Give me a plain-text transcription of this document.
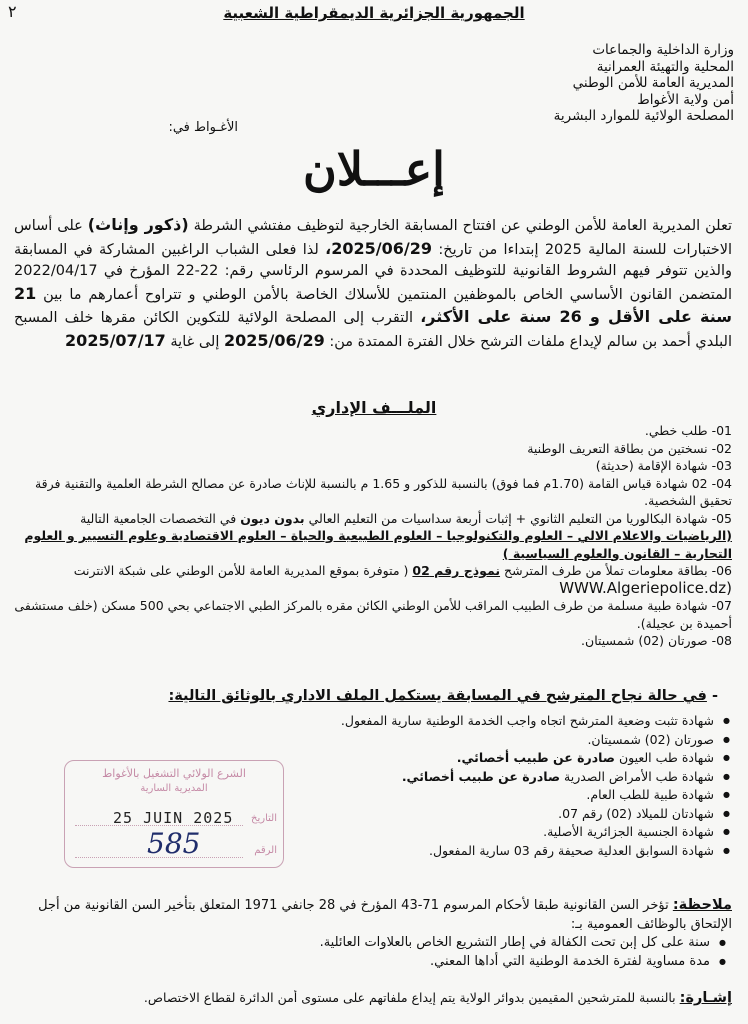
٢	الجمهورية الجزائرية الديمقراطية الشعبية
وزارة الداخلية والجماعات
المحلية والتهيئة العمرانية
المديرية العامة للأمن الوطني
أمن ولاية الأغواط
المصلحة الولائية للموارد البشرية
الأغـواط في:
إعـــلان
تعلن المديرية العامة للأمن الوطني عن افتتاح المسابقة الخارجية لتوظيف مفتشي الشرطة (ذكور وإناث) على أساس الاختبارات للسنة المالية 2025 إبتداءا من تاريخ: 2025/06/29، لذا فعلى الشباب الراغبين المشاركة في المسابقة والذين تتوفر فيهم الشروط القانونية للتوظيف المحددة في المرسوم الرئاسي رقم: 22-22 المؤرخ في 2022/04/17 المتضمن القانون الأساسي الخاص بالموظفين المنتمين للأسلاك الخاصة بالأمن الوطني و تتراوح أعمارهم ما بين 21 سنة على الأقل و 26 سنة على الأكثر، التقرب إلى المصلحة الولائية للتكوين الكائن مقرها خلف المسبح البلدي أحمد بن سالم لإيداع ملفات الترشح خلال الفترة الممتدة من: 2025/06/29 إلى غاية 2025/07/17
الملـــف الإداري
01- طلب خطي.
02- نسختين من بطاقة التعريف الوطنية
03- شهادة الإقامة (حديثة)
04- 02 شهادة قياس القامة (1.70م فما فوق) بالنسبة للذكور و 1.65 م بالنسبة للإناث صادرة عن مصالح الشرطة العلمية والتقنية فرقة تحقيق الشخصية.
05- شهادة البكالوريا من التعليم الثانوي + إثبات أربعة سداسيات من التعليم العالي بدون ديون في التخصصات الجامعية التالية (الرياضيات والاعلام الالي – العلوم والتكنولوجيا – العلوم الطبيعية والحياة – العلوم الاقتصادية وعلوم التسيير و العلوم التجارية – القانون والعلوم السياسية )
06- بطاقة معلومات تملأ من طرف المترشح نموذج رقم 02 ( متوفرة بموقع المديرية العامة للأمن الوطني على شبكة الانترنت WWW.Algeriepolice.dz)
07- شهادة طبية مسلمة من طرف الطبيب المراقب للأمن الوطني الكائن مقره بالمركز الطبي الاجتماعي بحي 500 مسكن (خلف مستشفى أحميدة بن عجيلة).
08- صورتان (02) شمسيتان.
- في حالة نجاح المترشح في المسابقة يستكمل الملف الاداري بالوثائق التالية:
● شهادة تثبت وضعية المترشح اتجاه واجب الخدمة الوطنية سارية المفعول.
● صورتان (02) شمسيتان.
● شهادة طب العيون صادرة عن طبيب أخصائي.
● شهادة طب الأمراض الصدرية صادرة عن طبيب أخصائي.
● شهادة طبية للطب العام.
● شهادتان للميلاد (02) رقم 07.
● شهادة الجنسية الجزائرية الأصلية.
● شهادة السوابق العدلية صحيفة رقم 03 سارية المفعول.
الشرع الولائي التشغيل بالأغواط
المديرية السارية
التاريخ
25 JUIN 2025
الرقم
585
ملاحظة: تؤخر السن القانونية طبقا لأحكام المرسوم 71-43 المؤرخ في 28 جانفي 1971 المتعلق بتأخير السن القانونية من أجل الإلتحاق بالوظائف العمومية بـ:
● سنة على كل إبن تحت الكفالة في إطار التشريع الخاص بالعلاوات العائلية.
● مدة مساوية لفترة الخدمة الوطنية التي أداها المعني.
إشـارة: بالنسبة للمترشحين المقيمين بدوائر الولاية يتم إيداع ملفاتهم على مستوى أمن الدائرة لقطاع الاختصاص.
